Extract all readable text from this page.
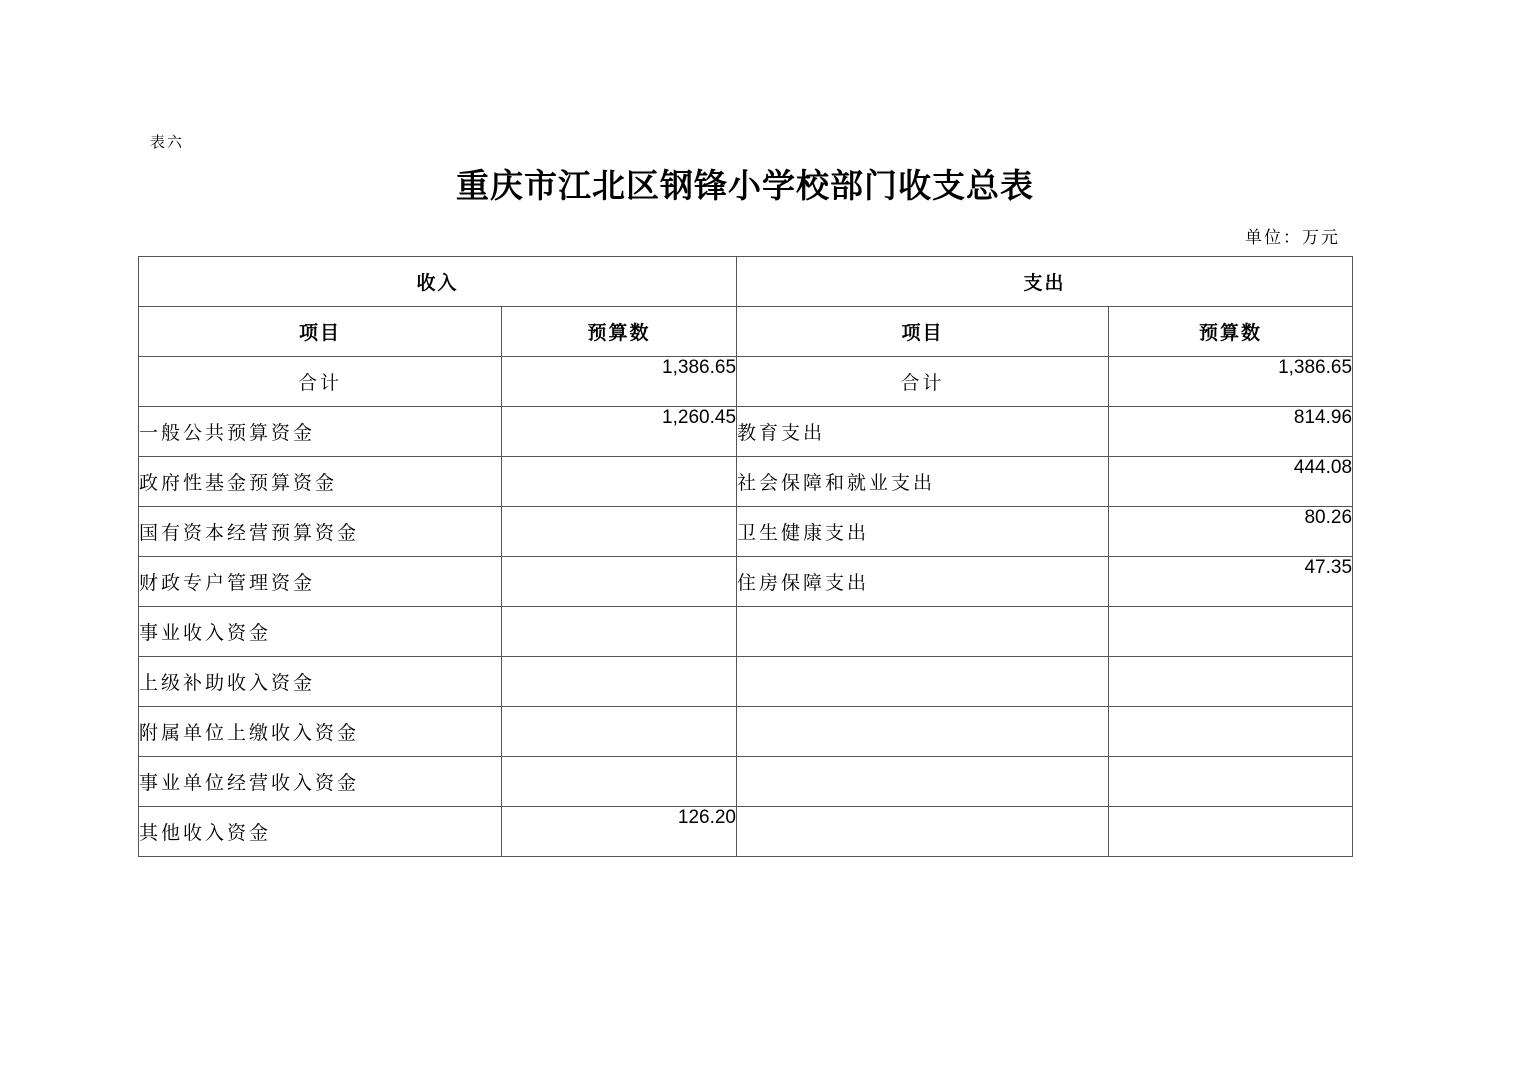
表六
重庆市江北区钢锋小学校部门收支总表
单位：万元
收入		支出	
项目	预算数	项目	预算数
合计	1,386.65	合计	1,386.65
一般公共预算资金	1,260.45	教育支出	814.96
政府性基金预算资金		社会保障和就业支出	444.08
国有资本经营预算资金		卫生健康支出	80.26
财政专户管理资金		住房保障支出	47.35
事业收入资金			
上级补助收入资金			
附属单位上缴收入资金			
事业单位经营收入资金			
其他收入资金	126.20		
